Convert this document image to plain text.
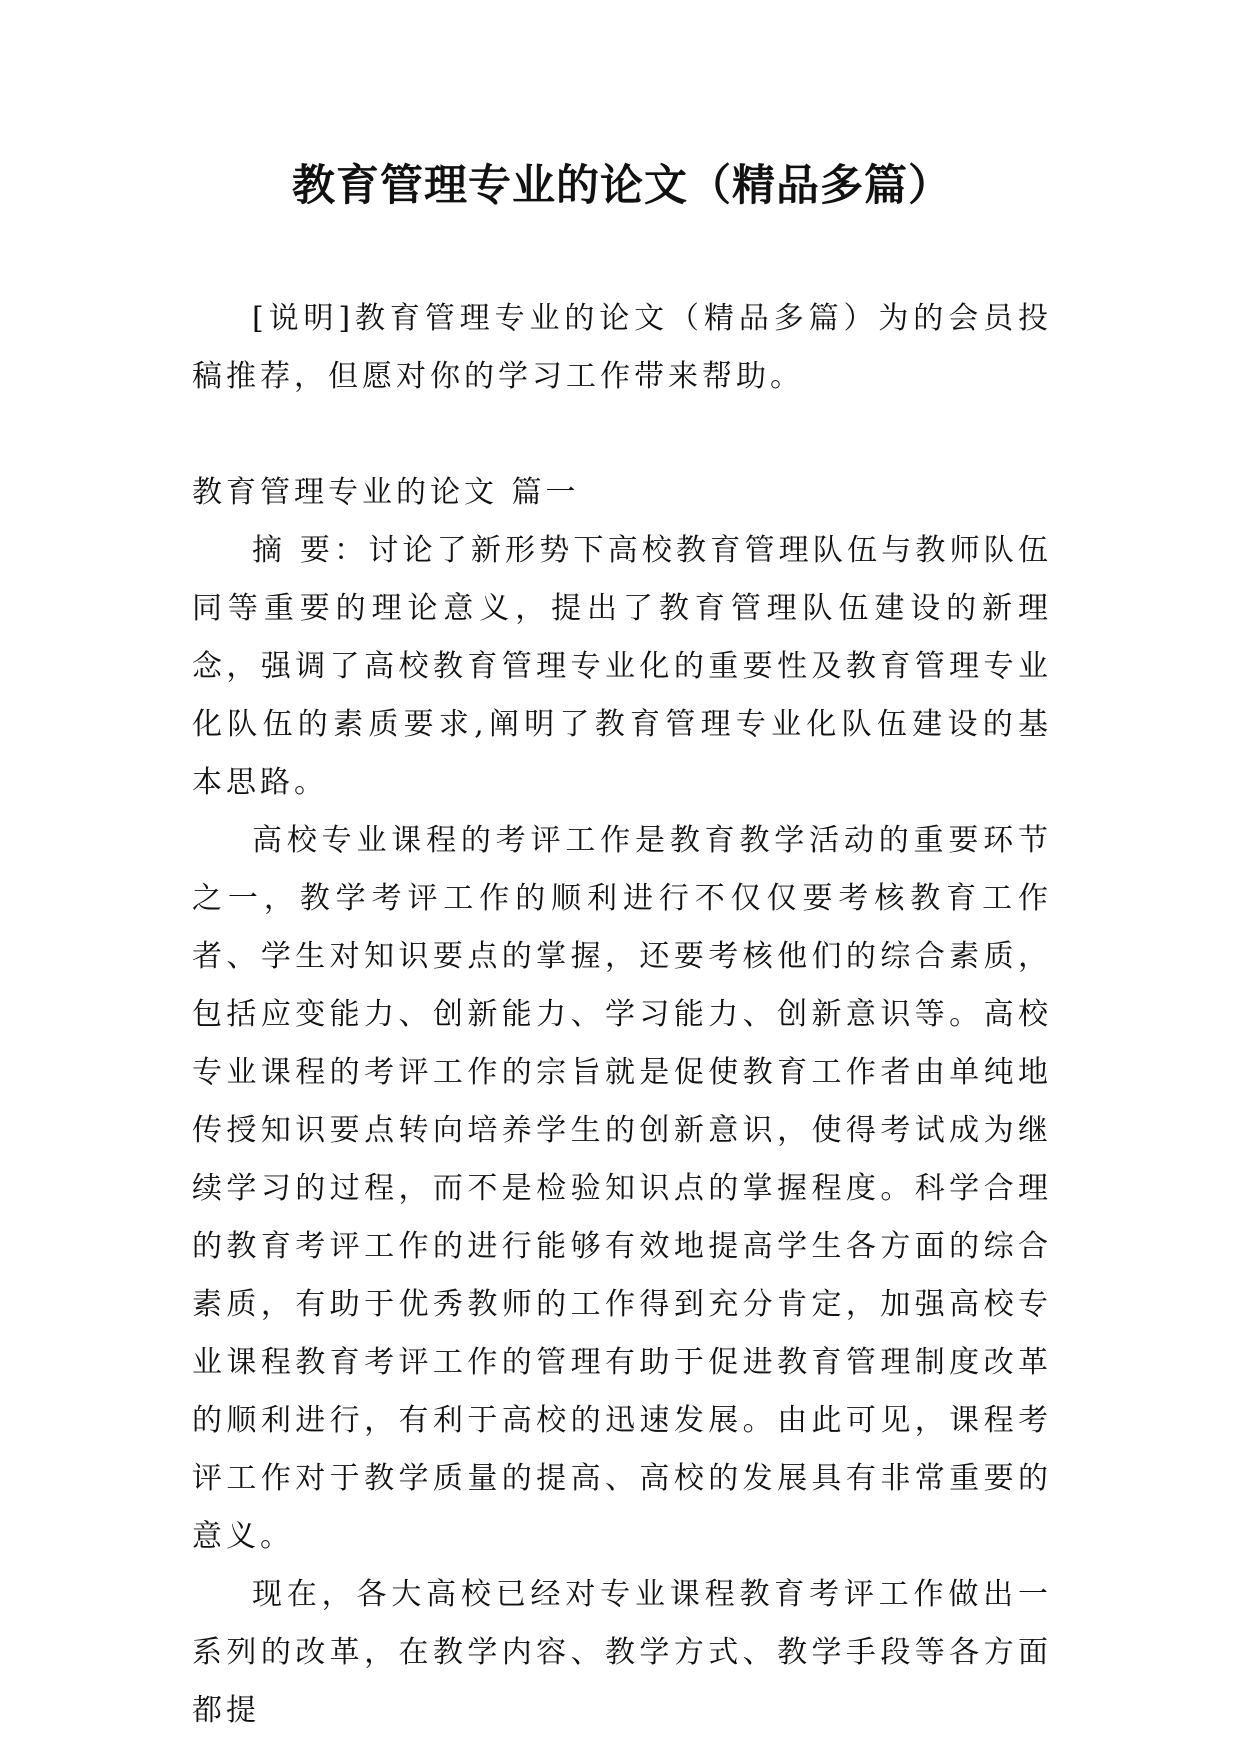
教育管理专业的论文（精品多篇）

[说明]教育管理专业的论文（精品多篇）为的会员投稿推荐，但愿对你的学习工作带来帮助。

教育管理专业的论文 篇一

摘 要：讨论了新形势下高校教育管理队伍与教师队伍同等重要的理论意义，提出了教育管理队伍建设的新理念，强调了高校教育管理专业化的重要性及教育管理专业化队伍的素质要求,阐明了教育管理专业化队伍建设的基本思路。

高校专业课程的考评工作是教育教学活动的重要环节之一，教学考评工作的顺利进行不仅仅要考核教育工作者、学生对知识要点的掌握，还要考核他们的综合素质，包括应变能力、创新能力、学习能力、创新意识等。高校专业课程的考评工作的宗旨就是促使教育工作者由单纯地传授知识要点转向培养学生的创新意识，使得考试成为继续学习的过程，而不是检验知识点的掌握程度。科学合理的教育考评工作的进行能够有效地提高学生各方面的综合素质，有助于优秀教师的工作得到充分肯定，加强高校专业课程教育考评工作的管理有助于促进教育管理制度改革的顺利进行，有利于高校的迅速发展。由此可见，课程考评工作对于教学质量的提高、高校的发展具有非常重要的意义。

现在，各大高校已经对专业课程教育考评工作做出一系列的改革，在教学内容、教学方式、教学手段等各方面都提
